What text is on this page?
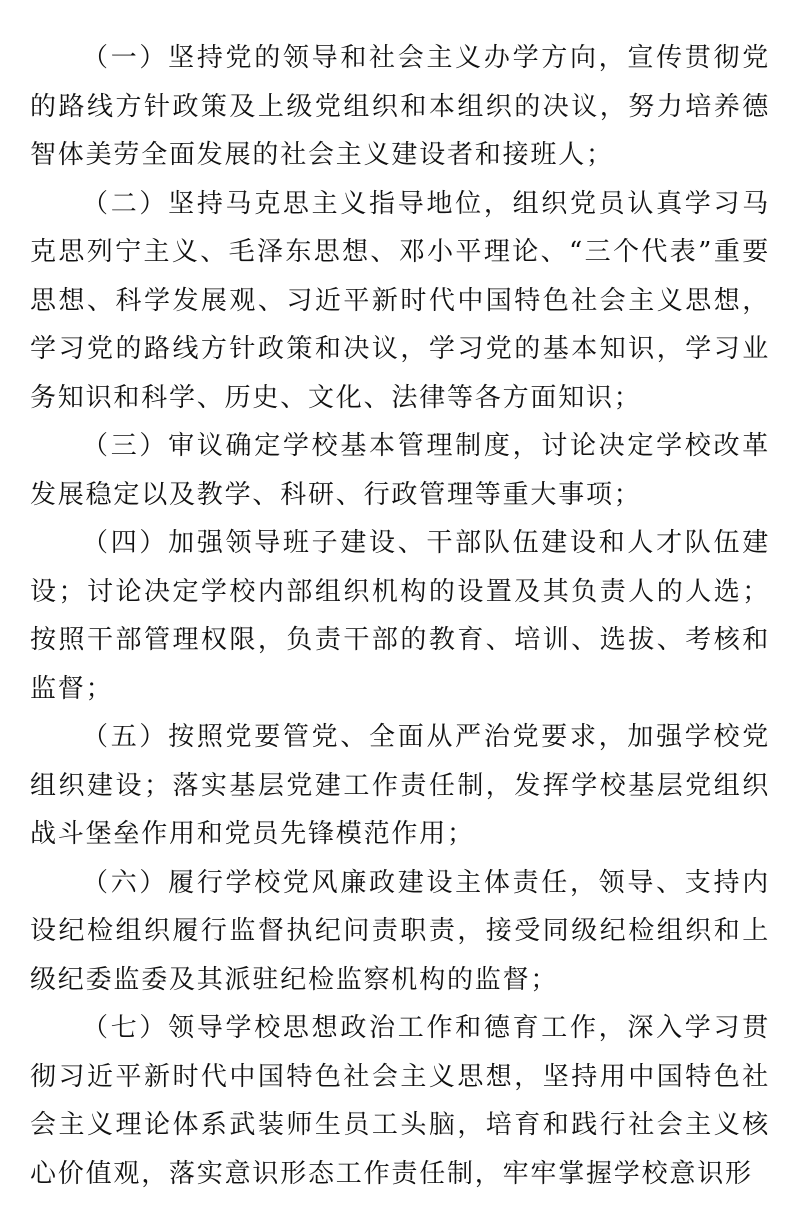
（一）坚持党的领导和社会主义办学方向，宣传贯彻党的路线方针政策及上级党组织和本组织的决议，努力培养德智体美劳全面发展的社会主义建设者和接班人；

（二）坚持马克思主义指导地位，组织党员认真学习马克思列宁主义、毛泽东思想、邓小平理论、“三个代表”重要思想、科学发展观、习近平新时代中国特色社会主义思想，学习党的路线方针政策和决议，学习党的基本知识，学习业务知识和科学、历史、文化、法律等各方面知识；

（三）审议确定学校基本管理制度，讨论决定学校改革发展稳定以及教学、科研、行政管理等重大事项；

（四）加强领导班子建设、干部队伍建设和人才队伍建设；讨论决定学校内部组织机构的设置及其负责人的人选；按照干部管理权限，负责干部的教育、培训、选拔、考核和监督；

（五）按照党要管党、全面从严治党要求，加强学校党组织建设；落实基层党建工作责任制，发挥学校基层党组织战斗堡垒作用和党员先锋模范作用；

（六）履行学校党风廉政建设主体责任，领导、支持内设纪检组织履行监督执纪问责职责，接受同级纪检组织和上级纪委监委及其派驻纪检监察机构的监督；

（七）领导学校思想政治工作和德育工作，深入学习贯彻习近平新时代中国特色社会主义思想，坚持用中国特色社会主义理论体系武装师生员工头脑，培育和践行社会主义核心价值观，落实意识形态工作责任制，牢牢掌握学校意识形
